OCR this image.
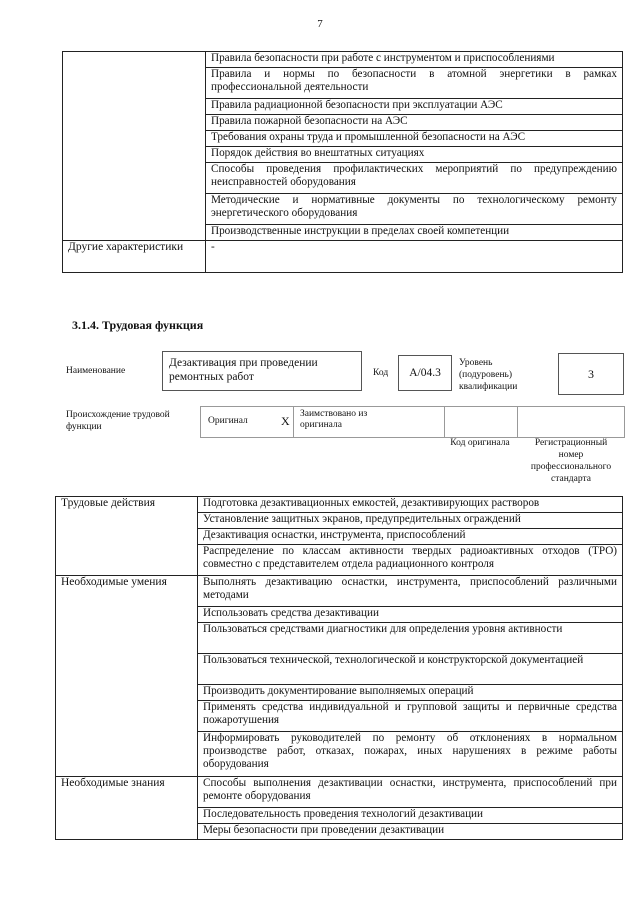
7
	Правила безопасности при работе с инструментом и приспособлениями
	Правила и нормы по безопасности в атомной энергетики в рамках профессиональной деятельности
	Правила радиационной безопасности при эксплуатации АЭС
	Правила пожарной безопасности на АЭС
	Требования охраны труда и промышленной безопасности на АЭС
	Порядок действия во внештатных ситуациях
	Способы проведения профилактических мероприятий по предупреждению неисправностей оборудования
	Методические и нормативные документы по технологическому ремонту энергетического оборудования
	Производственные инструкции в пределах своей компетенции
Другие характеристики	-
3.1.4. Трудовая функция
Наименование
Дезактивация при проведении ремонтных работ	Код	A/04.3
Уровень (подуровень) квалификации
3
Происхождение трудовой функции
Оригинал	X Заимствовано из оригинала
Код оригинала	Регистрационный номер профессионального стандарта
Трудовые действия	Подготовка дезактивационных емкостей, дезактивирующих растворов
	Установление защитных экранов, предупредительных ограждений
	Дезактивация оснастки, инструмента, приспособлений
	Распределение по классам активности твердых радиоактивных отходов (ТРО) совместно с представителем отдела радиационного контроля
Необходимые умения	Выполнять дезактивацию оснастки, инструмента, приспособлений различными методами
	Использовать средства дезактивации
	Пользоваться средствами диагностики для определения уровня активности
	Пользоваться технической, технологической и конструкторской документацией
	Производить документирование выполняемых операций
	Применять средства индивидуальной и групповой защиты и первичные средства пожаротушения
	Информировать руководителей по ремонту об отклонениях в нормальном производстве работ, отказах, пожарах, иных нарушениях в режиме работы оборудования
Необходимые знания	Способы выполнения дезактивации оснастки, инструмента, приспособлений при ремонте оборудования
	Последовательность проведения технологий дезактивации
	Меры безопасности при проведении дезактивации
